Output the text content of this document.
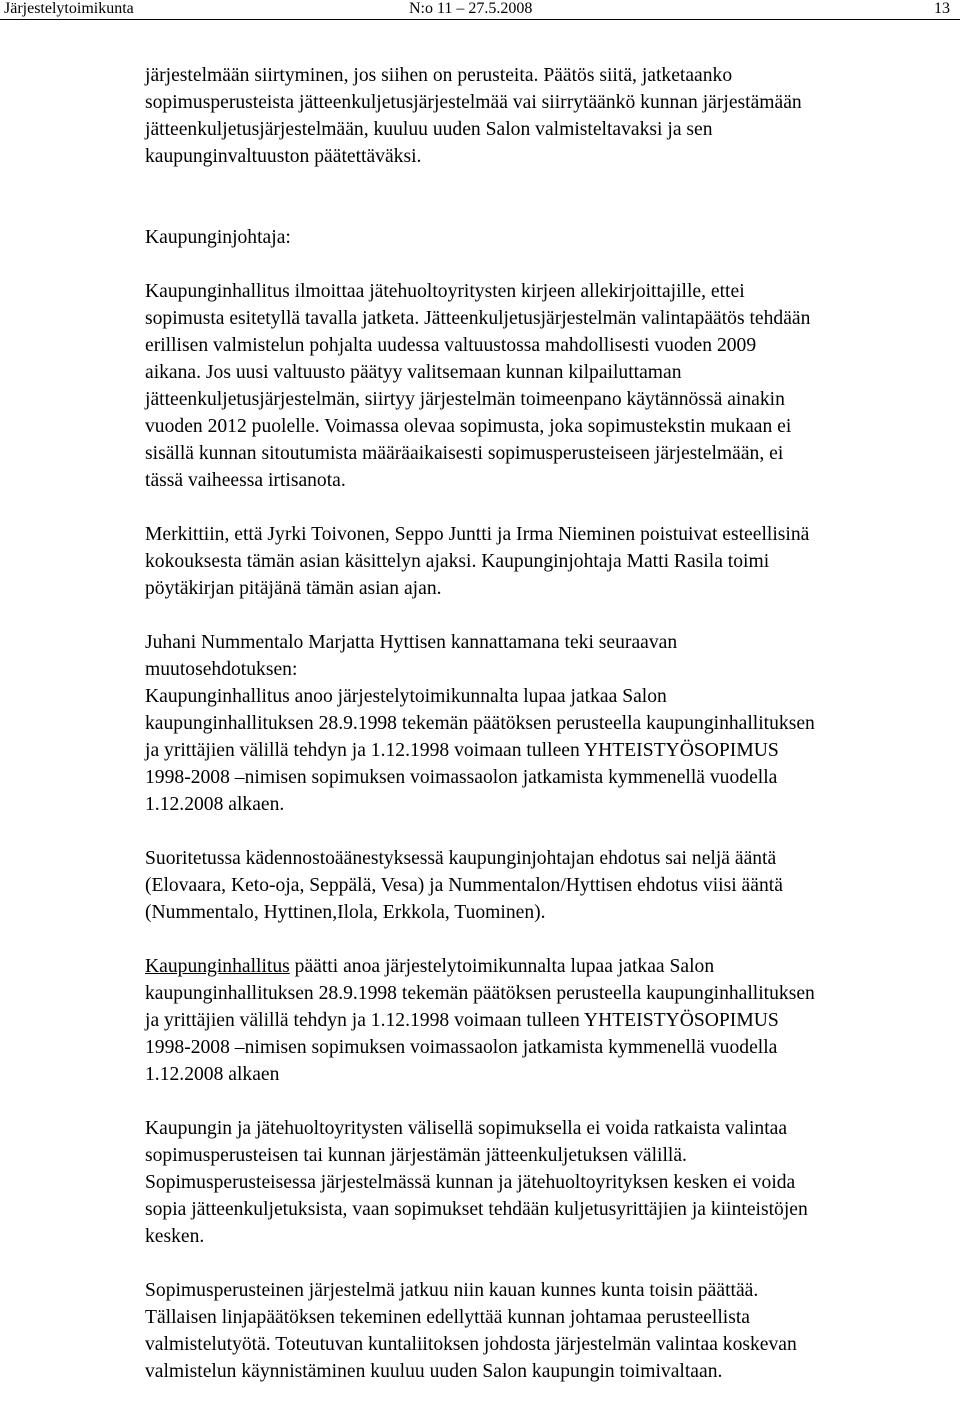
Järjestelytoimikunta	N:o 11 – 27.5.2008	13
järjestelmään siirtyminen, jos siihen on perusteita. Päätös siitä, jatketaanko
sopimusperusteista jätteenkuljetusjärjestelmää vai siirrytäänkö kunnan järjestämään
jätteenkuljetusjärjestelmään, kuuluu uuden Salon valmisteltavaksi ja sen
kaupunginvaltuuston päätettäväksi.
Kaupunginjohtaja:
Kaupunginhallitus ilmoittaa jätehuoltoyritysten kirjeen allekirjoittajille, ettei
sopimusta esitetyllä tavalla jatketa. Jätteenkuljetusjärjestelmän valintapäätös tehdään
erillisen valmistelun pohjalta uudessa valtuustossa mahdollisesti vuoden 2009
aikana. Jos uusi valtuusto päätyy valitsemaan kunnan kilpailuttaman
jätteenkuljetusjärjestelmän, siirtyy järjestelmän toimeenpano käytännössä ainakin
vuoden 2012 puolelle. Voimassa olevaa sopimusta, joka sopimustekstin mukaan ei
sisällä kunnan sitoutumista määräaikaisesti sopimusperusteiseen järjestelmään, ei
tässä vaiheessa irtisanota.
Merkittiin, että Jyrki Toivonen, Seppo Juntti ja Irma Nieminen poistuivat esteellisinä
kokouksesta tämän asian käsittelyn ajaksi. Kaupunginjohtaja Matti Rasila toimi
pöytäkirjan pitäjänä tämän asian ajan.
Juhani Nummentalo Marjatta Hyttisen kannattamana teki seuraavan
muutosehdotuksen:
Kaupunginhallitus anoo järjestelytoimikunnalta lupaa jatkaa Salon
kaupunginhallituksen 28.9.1998 tekemän päätöksen perusteella kaupunginhallituksen
ja yrittäjien välillä tehdyn ja 1.12.1998 voimaan tulleen YHTEISTYÖSOPIMUS
1998-2008 –nimisen sopimuksen voimassaolon jatkamista kymmenellä vuodella
1.12.2008 alkaen.
Suoritetussa kädennostoäänestyksessä kaupunginjohtajan ehdotus sai neljä ääntä
(Elovaara, Keto-oja, Seppälä, Vesa) ja Nummentalon/Hyttisen ehdotus viisi ääntä
(Nummentalo, Hyttinen,Ilola, Erkkola, Tuominen).
Kaupunginhallitus päätti anoa järjestelytoimikunnalta lupaa jatkaa Salon
kaupunginhallituksen 28.9.1998 tekemän päätöksen perusteella kaupunginhallituksen
ja yrittäjien välillä tehdyn ja 1.12.1998 voimaan tulleen YHTEISTYÖSOPIMUS
1998-2008 –nimisen sopimuksen voimassaolon jatkamista kymmenellä vuodella
1.12.2008 alkaen
Kaupungin ja jätehuoltoyritysten välisellä sopimuksella ei voida ratkaista valintaa
sopimusperusteisen tai kunnan järjestämän jätteenkuljetuksen välillä.
Sopimusperusteisessa järjestelmässä kunnan ja jätehuoltoyrityksen kesken ei voida
sopia jätteenkuljetuksista, vaan sopimukset tehdään kuljetusyrittäjien ja kiinteistöjen
kesken.
Sopimusperusteinen järjestelmä jatkuu niin kauan kunnes kunta toisin päättää.
Tällaisen linjapäätöksen tekeminen edellyttää kunnan johtamaa perusteellista
valmistelutyötä. Toteutuvan kuntaliitoksen johdosta järjestelmän valintaa koskevan
valmistelun käynnistäminen kuuluu uuden Salon kaupungin toimivaltaan.
